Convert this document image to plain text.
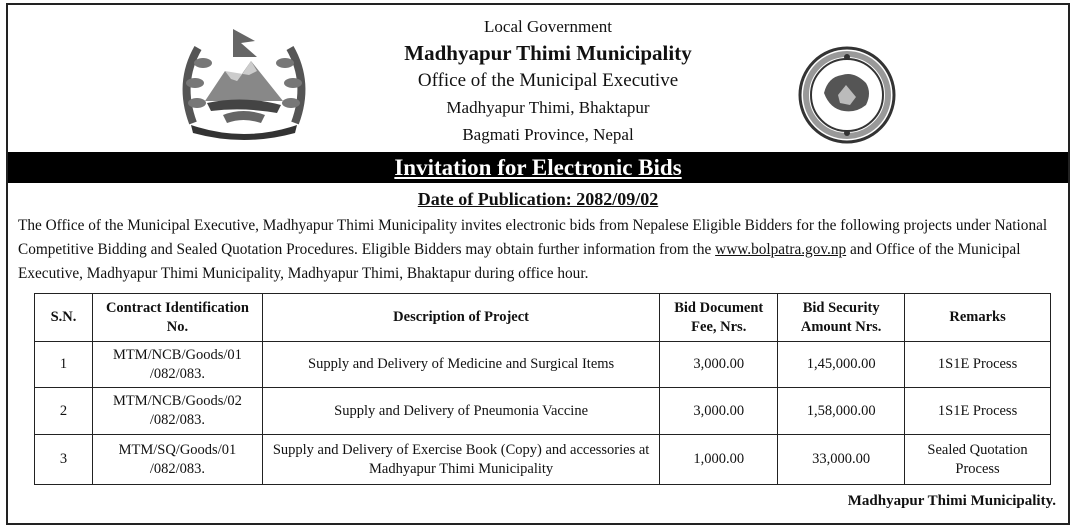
Local Government
Madhyapur Thimi Municipality
Office of the Municipal Executive
Madhyapur Thimi, Bhaktapur
Bagmati Province, Nepal
Invitation for Electronic Bids
Date of Publication: 2082/09/02
The Office of the Municipal Executive, Madhyapur Thimi Municipality invites electronic bids from Nepalese Eligible Bidders for the following projects under National Competitive Bidding and Sealed Quotation Procedures. Eligible Bidders may obtain further information from the www.bolpatra.gov.np and Office of the Municipal Executive, Madhyapur Thimi Municipality, Madhyapur Thimi, Bhaktapur during office hour.
S.N.	Contract Identification No.	Description of Project	Bid Document Fee, Nrs.	Bid Security Amount Nrs.	Remarks
1	MTM/NCB/Goods/01 /082/083.	Supply and Delivery of Medicine and Surgical Items	3,000.00	1,45,000.00	1S1E Process
2	MTM/NCB/Goods/02 /082/083.	Supply and Delivery of Pneumonia Vaccine	3,000.00	1,58,000.00	1S1E Process
3	MTM/SQ/Goods/01 /082/083.	Supply and Delivery of Exercise Book (Copy) and accessories at Madhyapur Thimi Municipality	1,000.00	33,000.00	Sealed Quotation Process
Madhyapur Thimi Municipality.
